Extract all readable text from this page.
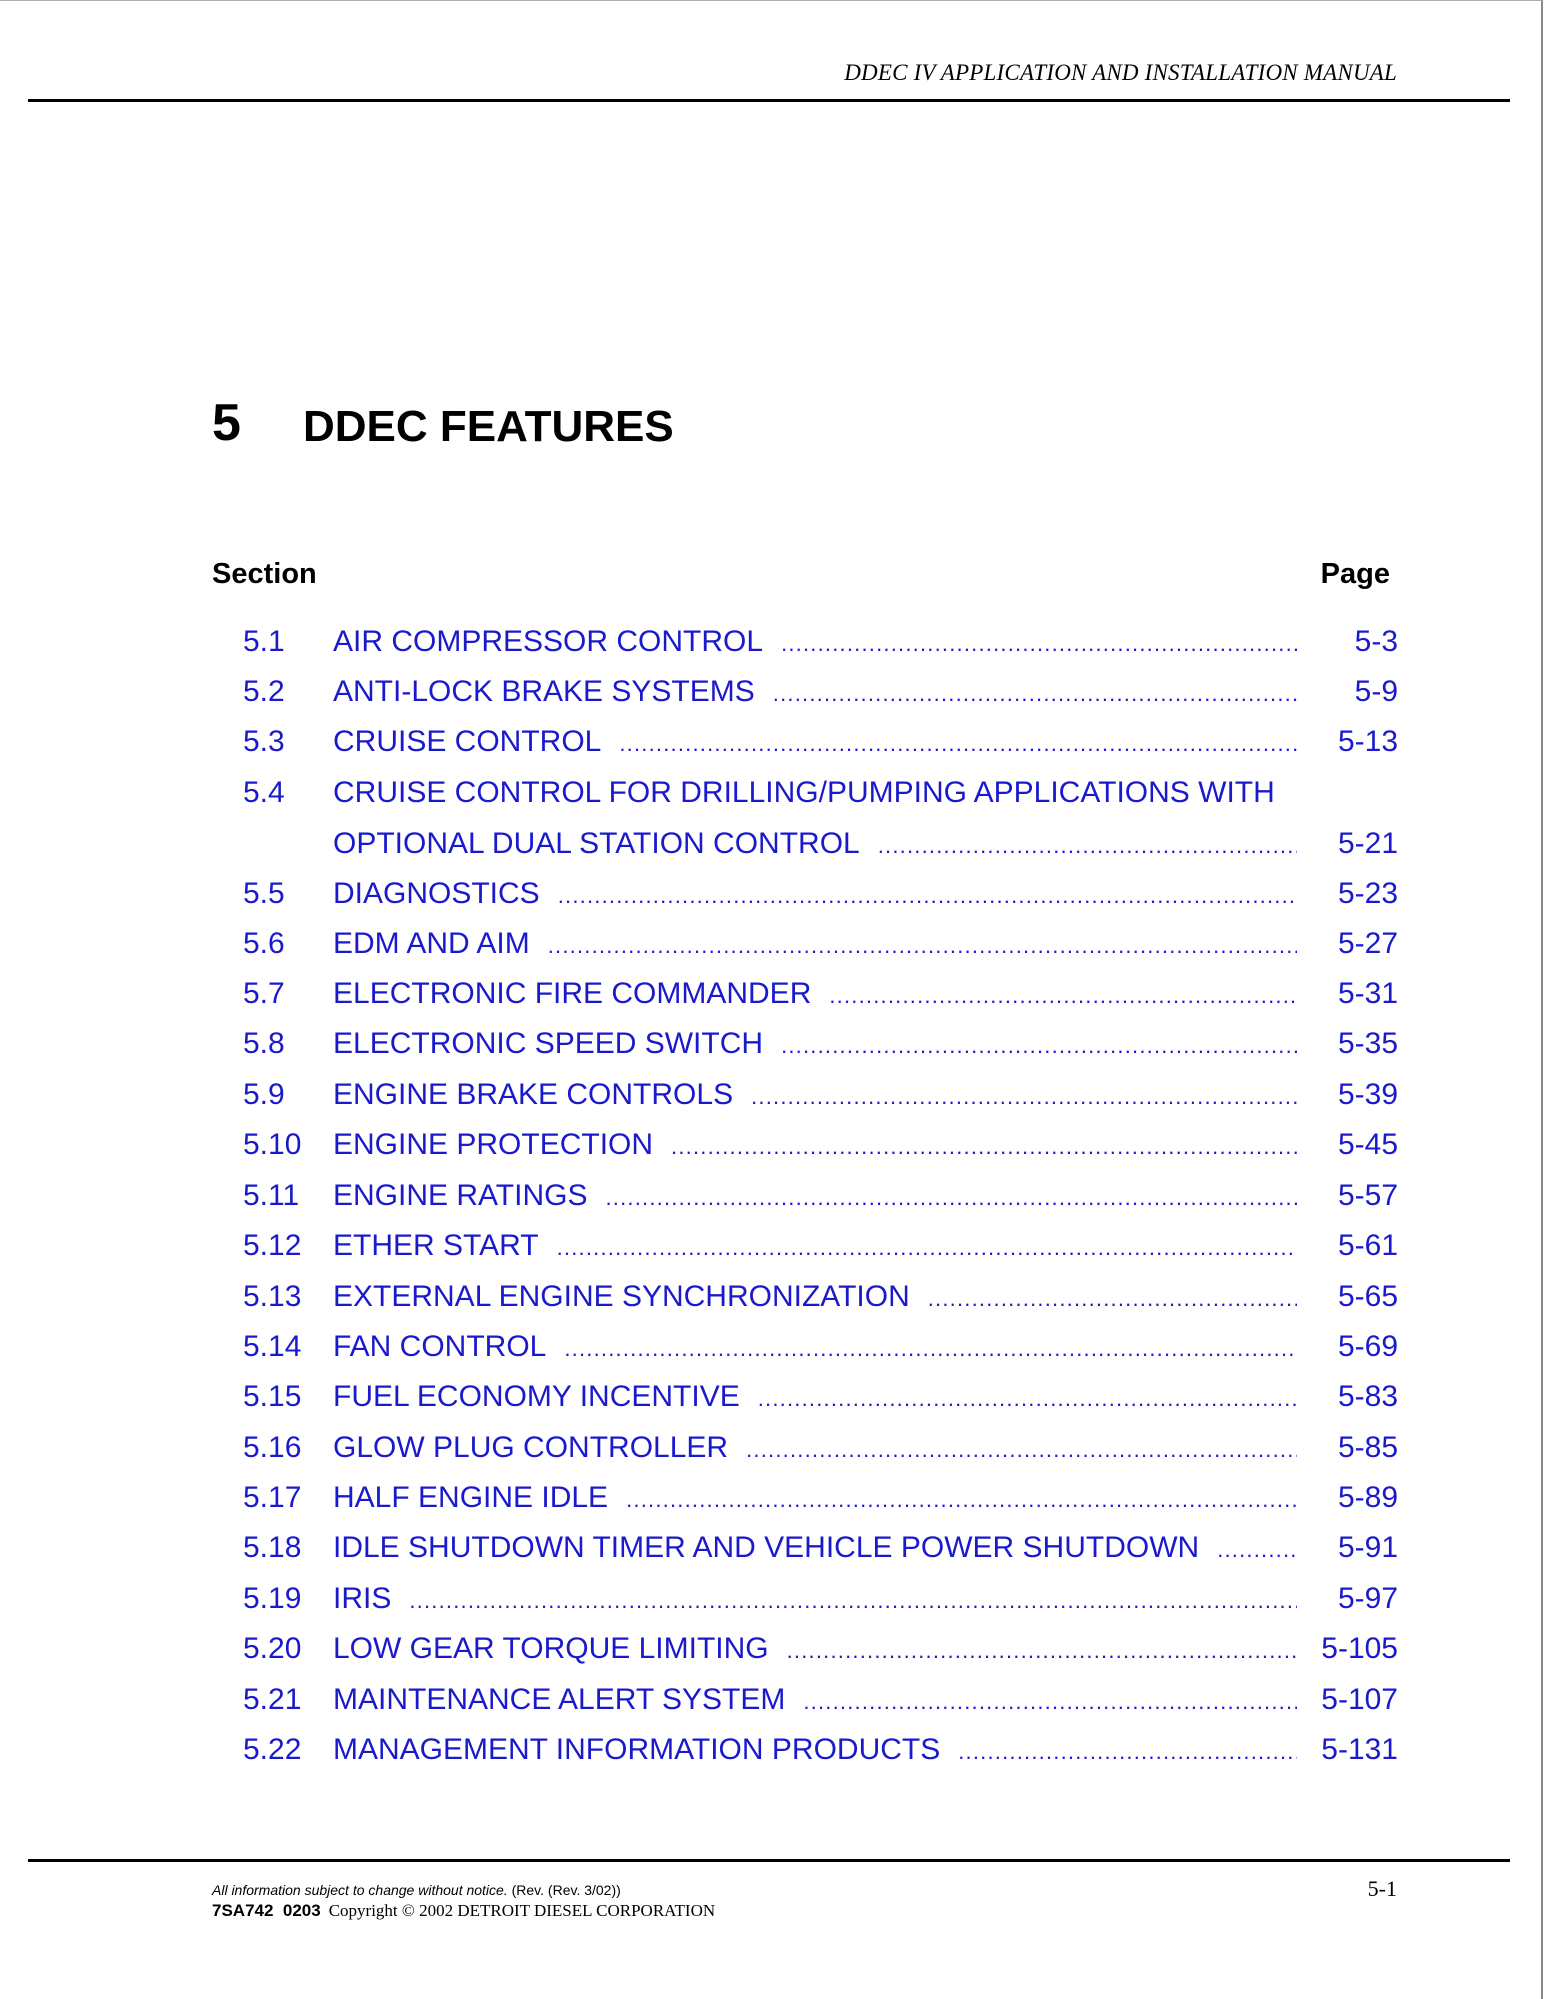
DDEC IV APPLICATION AND INSTALLATION MANUAL
5 DDEC FEATURES
Section	Page
5.1 AIR COMPRESSOR CONTROL .....	5-3
5.2 ANTI-LOCK BRAKE SYSTEMS .....	5-9
5.3 CRUISE CONTROL .....	5-13
5.4 CRUISE CONTROL FOR DRILLING/PUMPING APPLICATIONS WITH
OPTIONAL DUAL STATION CONTROL .....	5-21
5.5 DIAGNOSTICS .....	5-23
5.6 EDM AND AIM .....	5-27
5.7 ELECTRONIC FIRE COMMANDER .....	5-31
5.8 ELECTRONIC SPEED SWITCH .....	5-35
5.9 ENGINE BRAKE CONTROLS .....	5-39
5.10 ENGINE PROTECTION .....	5-45
5.11 ENGINE RATINGS .....	5-57
5.12 ETHER START .....	5-61
5.13 EXTERNAL ENGINE SYNCHRONIZATION .....	5-65
5.14 FAN CONTROL .....	5-69
5.15 FUEL ECONOMY INCENTIVE .....	5-83
5.16 GLOW PLUG CONTROLLER .....	5-85
5.17 HALF ENGINE IDLE .....	5-89
5.18 IDLE SHUTDOWN TIMER AND VEHICLE POWER SHUTDOWN .....	5-91
5.19 IRIS .....	5-97
5.20 LOW GEAR TORQUE LIMITING .....	5-105
5.21 MAINTENANCE ALERT SYSTEM .....	5-107
5.22 MANAGEMENT INFORMATION PRODUCTS .....	5-131
All information subject to change without notice. (Rev. (Rev. 3/02))
7SA742  0203 Copyright © 2002 DETROIT DIESEL CORPORATION
5-1
